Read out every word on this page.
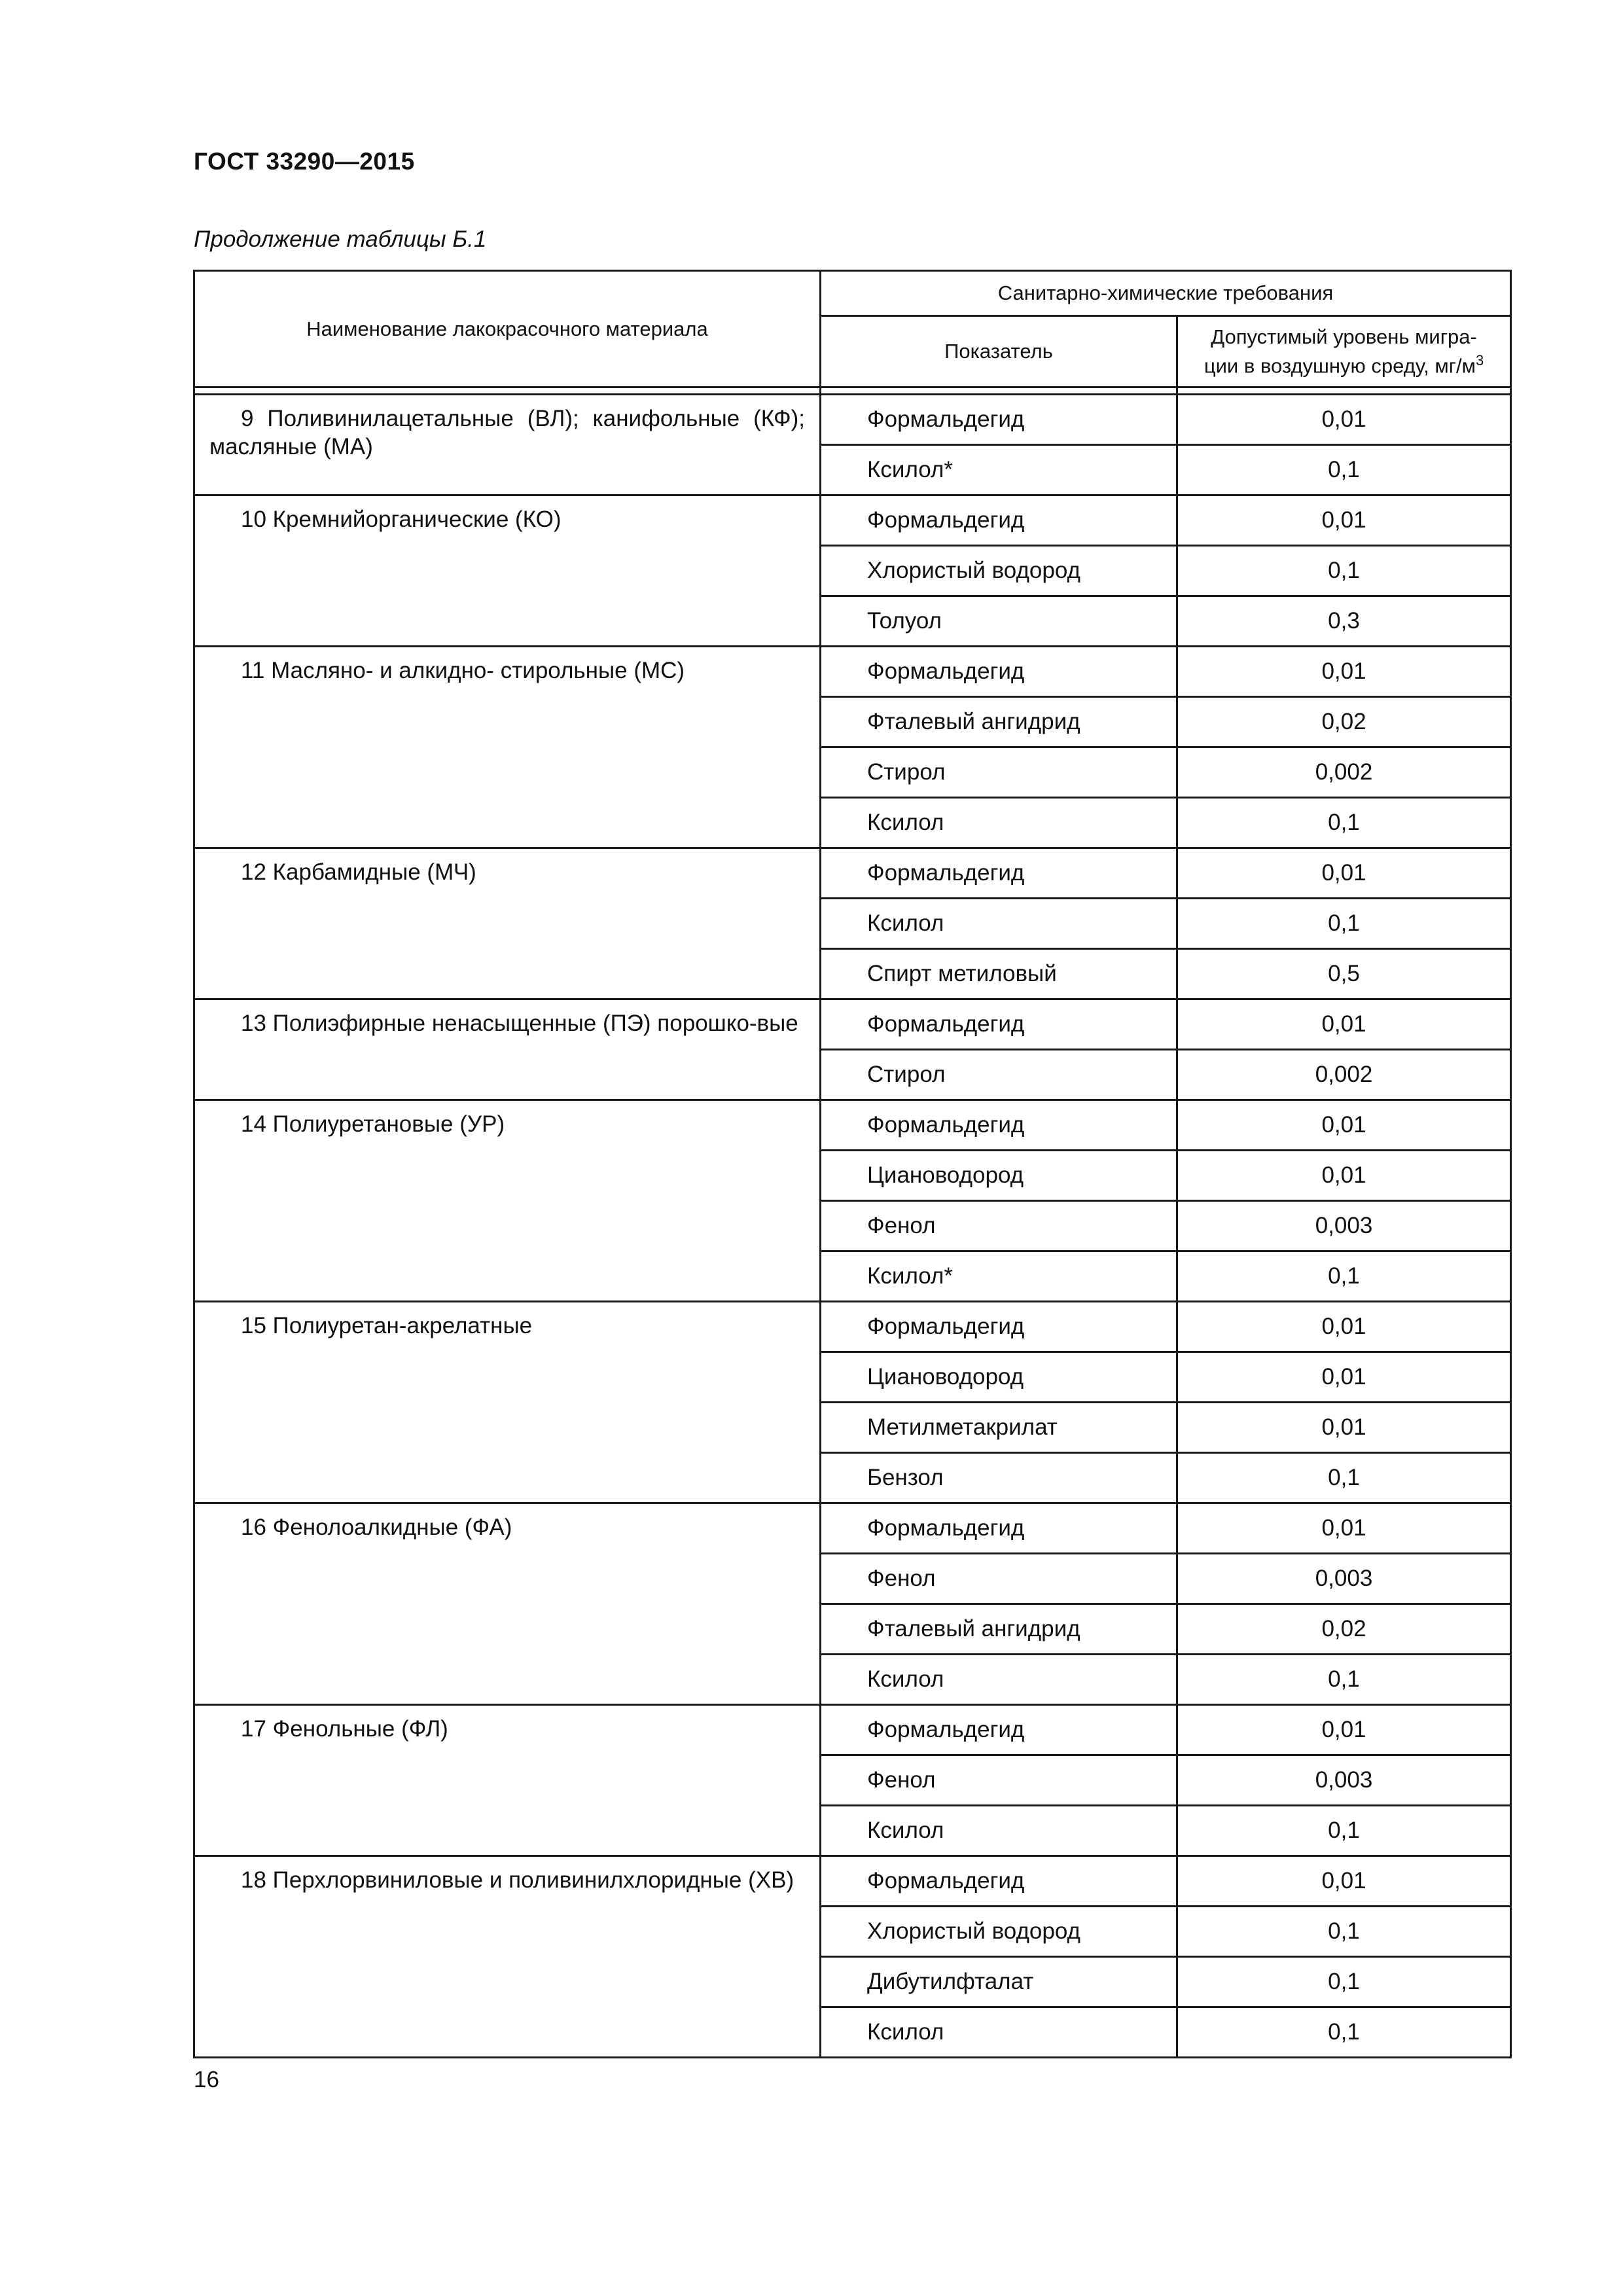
ГОСТ 33290—2015
Продолжение таблицы Б.1
Наименование лакокрасочного материала	Санитарно-химические требования	
	Показатель	Допустимый уровень мигра-
ции в воздушную среду, $мг/м^3$

9 Поливинилацетальные (ВЛ); канифольные (КФ); масляные (МА)	Формальдегид	0,01
	Ксилол*	0,1
10 Кремнийорганические (КО)	Формальдегид	0,01
	Хлористый водород	0,1
	Толуол	0,3
11 Масляно- и алкидно- стирольные (МС)	Формальдегид	0,01
	Фталевый ангидрид	0,02
	Стирол	0,002
	Ксилол	0,1
12 Карбамидные (МЧ)	Формальдегид	0,01
	Ксилол	0,1
	Спирт метиловый	0,5
13 Полиэфирные ненасыщенные (ПЭ) порошко-вые	Формальдегид	0,01
	Стирол	0,002
14 Полиуретановые (УР)	Формальдегид	0,01
	Циановодород	0,01
	Фенол	0,003
	Ксилол*	0,1
15 Полиуретан-акрелатные	Формальдегид	0,01
	Циановодород	0,01
	Метилметакрилат	0,01
	Бензол	0,1
16 Фенолоалкидные (ФА)	Формальдегид	0,01
	Фенол	0,003
	Фталевый ангидрид	0,02
	Ксилол	0,1
17 Фенольные (ФЛ)	Формальдегид	0,01
	Фенол	0,003
	Ксилол	0,1
18 Перхлорвиниловые и поливинилхлоридные (ХВ)	Формальдегид	0,01
	Хлористый водород	0,1
	Дибутилфталат	0,1
	Ксилол	0,1
16
